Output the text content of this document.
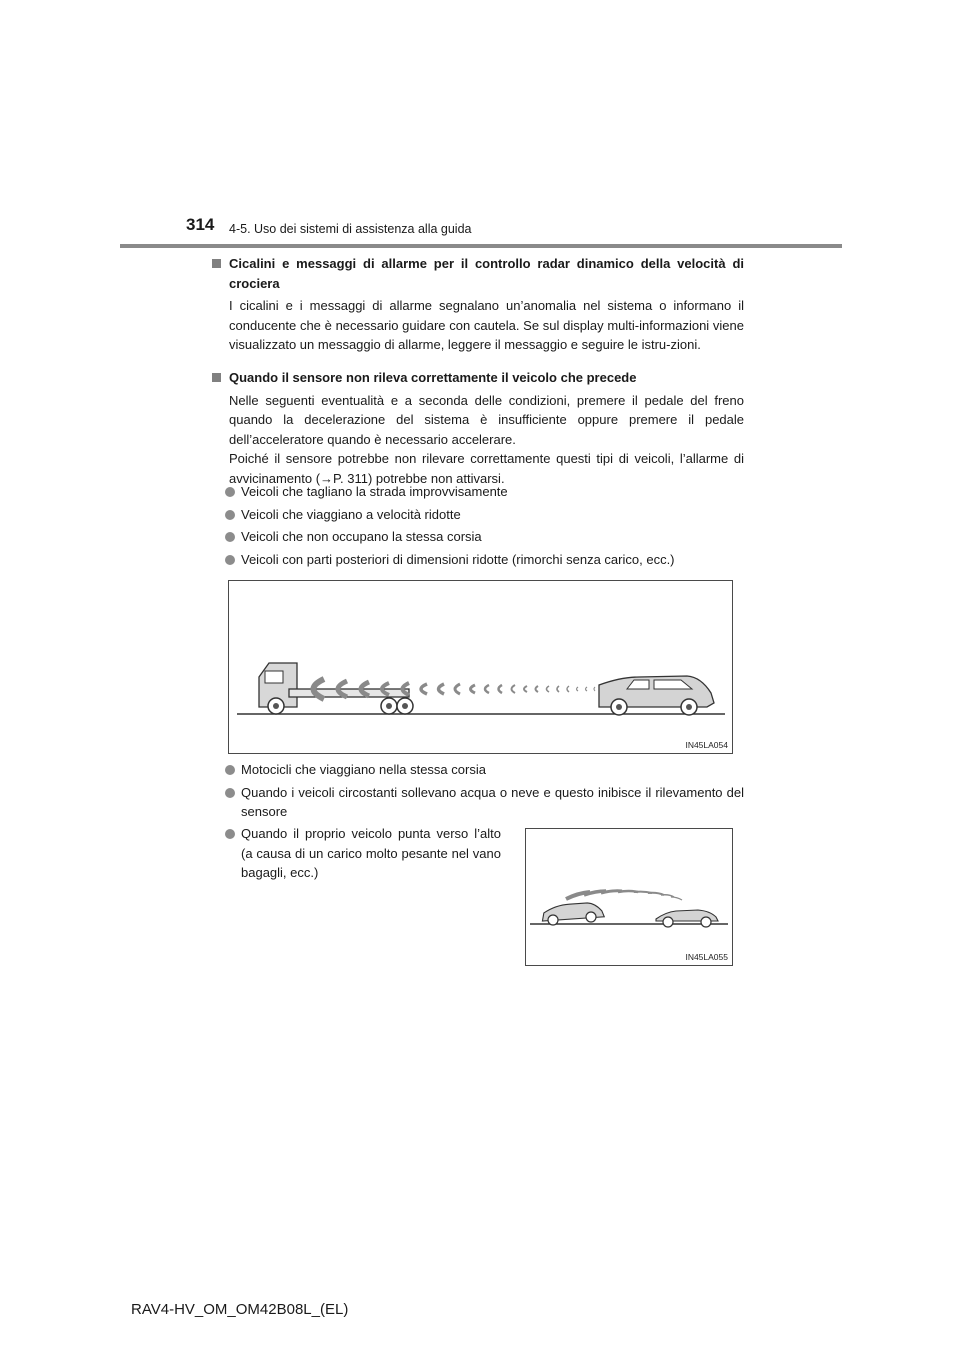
314 4-5. Uso dei sistemi di assistenza alla guida
Cicalini e messaggi di allarme per il controllo radar dinamico della velocità di crociera

I cicalini e i messaggi di allarme segnalano un’anomalia nel sistema o informano il conducente che è necessario guidare con cautela. Se sul display multi-informazioni viene visualizzato un messaggio di allarme, leggere il messaggio e seguire le istru-zioni.

Quando il sensore non rileva correttamente il veicolo che precede

Nelle seguenti eventualità e a seconda delle condizioni, premere il pedale del freno quando la decelerazione del sistema è insufficiente oppure premere il pedale dell’acceleratore quando è necessario accelerare.

Poiché il sensore potrebbe non rilevare correttamente questi tipi di veicoli, l’allarme di avvicinamento (→P. 311) potrebbe non attivarsi.

Veicoli che tagliano la strada improvvisamente
Veicoli che viaggiano a velocità ridotte
Veicoli che non occupano la stessa corsia
Veicoli con parti posteriori di dimensioni ridotte (rimorchi senza carico, ecc.)
IN45LA054
Motocicli che viaggiano nella stessa corsia
Quando i veicoli circostanti sollevano acqua o neve e questo inibisce il rilevamento del sensore
Quando il proprio veicolo punta verso l’alto (a causa di un carico molto pesante nel vano bagagli, ecc.)
IN45LA055
RAV4-HV_OM_OM42B08L_(EL)
